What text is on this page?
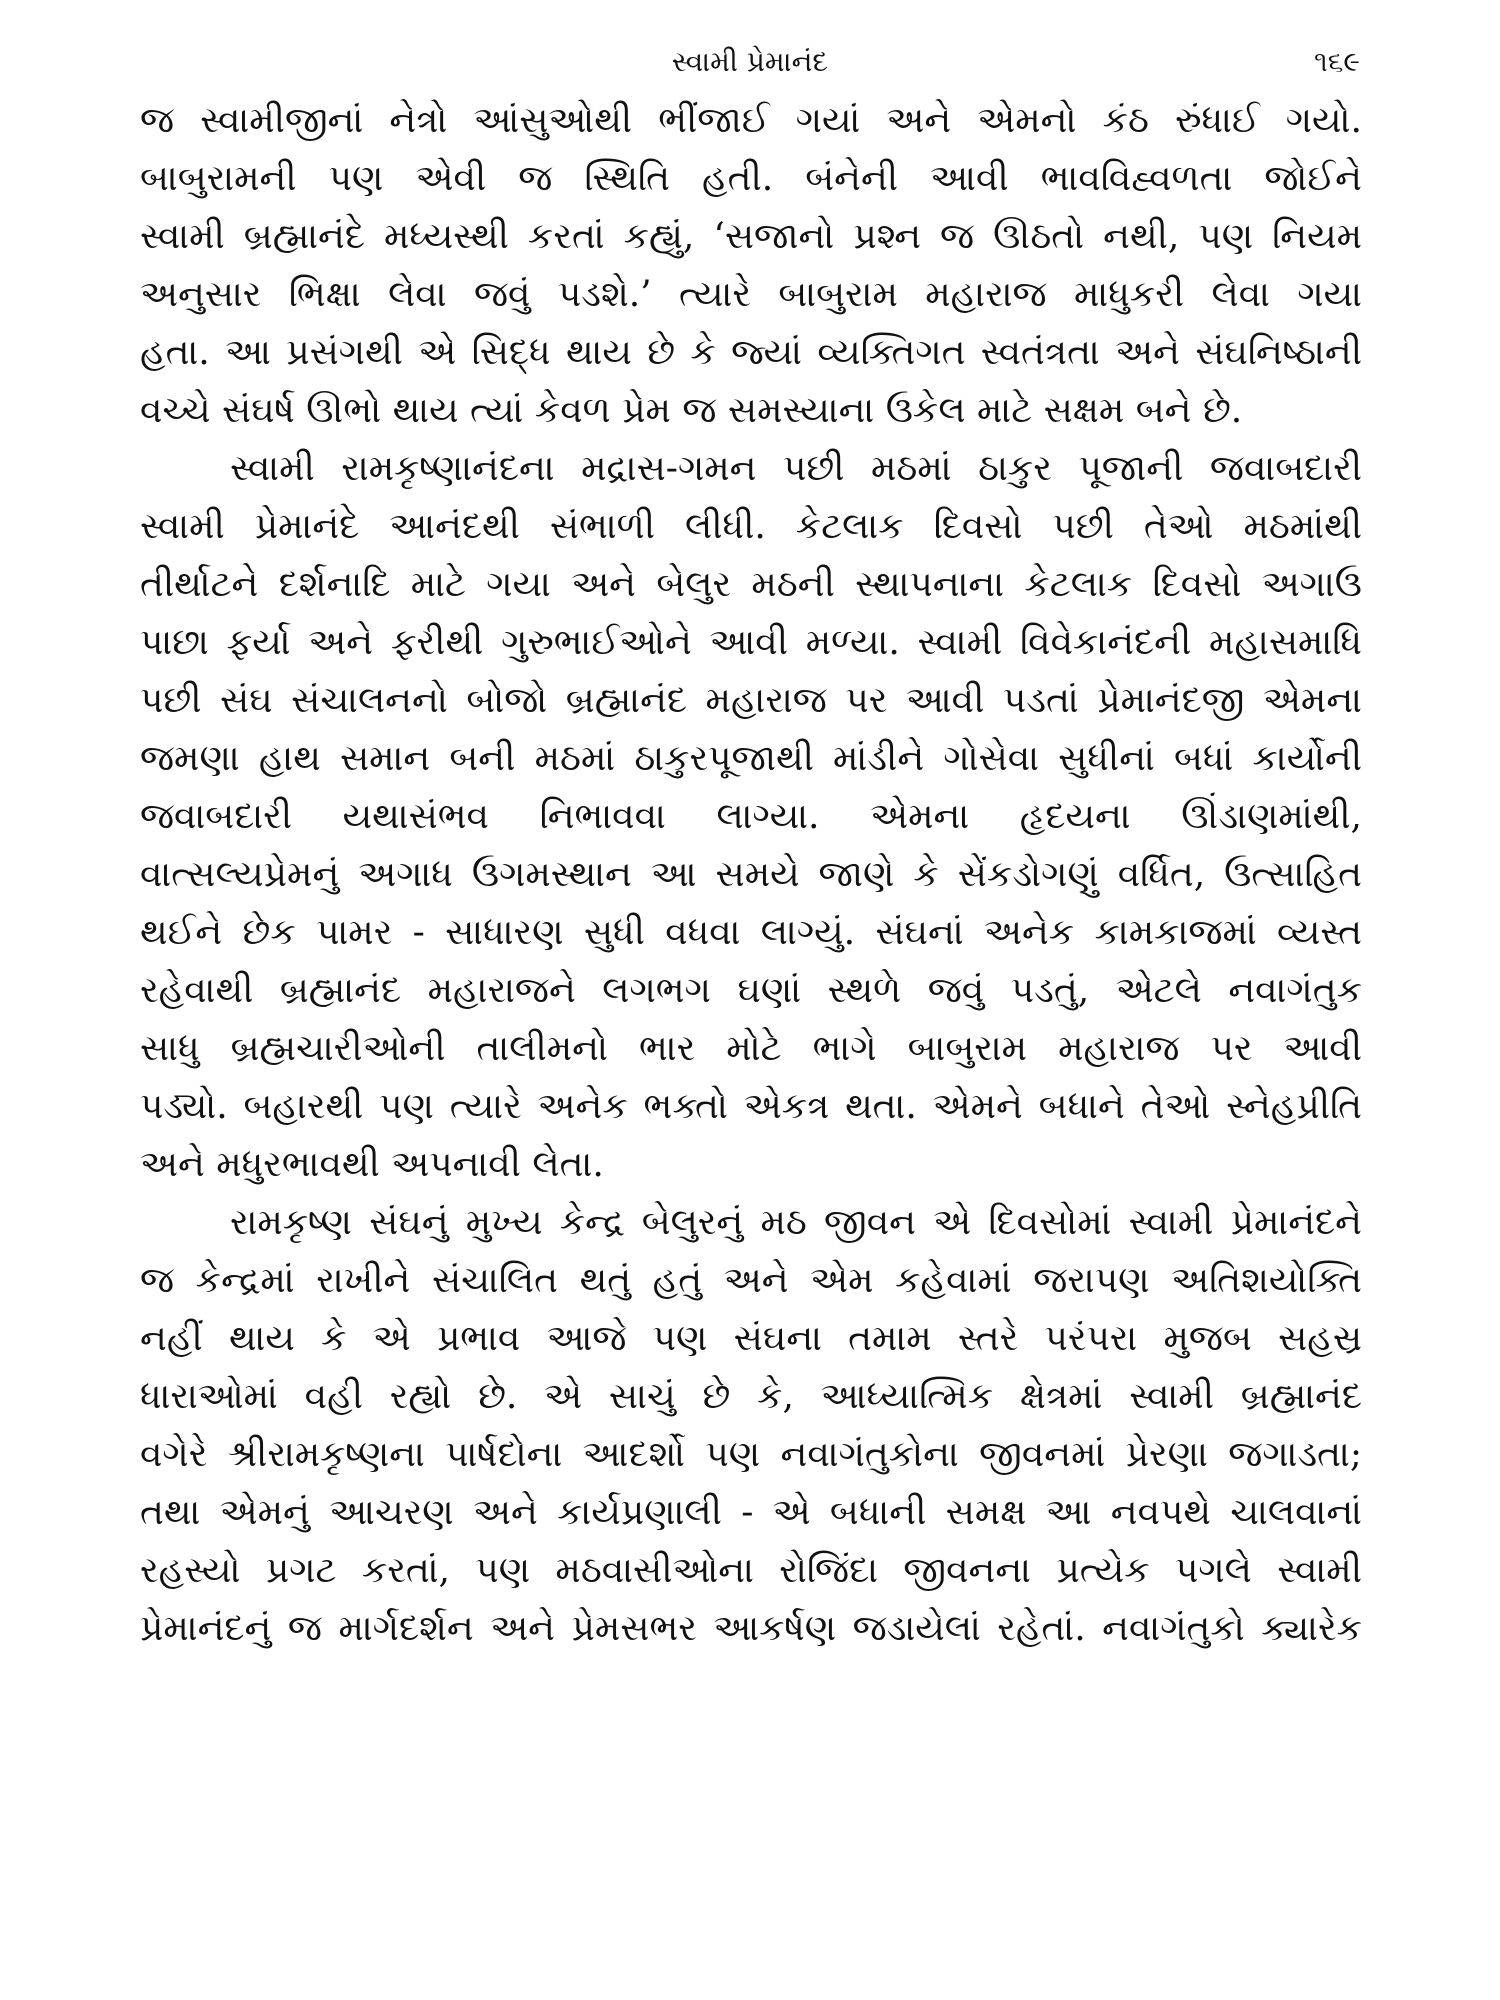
સ્વામી પ્રેમાનંદ	૧૬૯
જ સ્વામીજીનાં નેત્રો આંસુઓથી ભીંજાઈ ગયાં અને એમનો કંઠ રુંધાઈ ગયો.
બાબુરામની પણ એવી જ સ્થિતિ હતી. બંનેની આવી ભાવવિહ્વળતા જોઈને
સ્વામી બ્રહ્માનંદે મધ્યસ્થી કરતાં કહ્યું, ‘સજાનો પ્રશ્ન જ ઊઠતો નથી, પણ નિયમ
અનુસાર ભિક્ષા લેવા જવું પડશે.’ ત્યારે બાબુરામ મહારાજ માધુકરી લેવા ગયા
હતા. આ પ્રસંગથી એ સિદ્ધ થાય છે કે જ્યાં વ્યક્તિગત સ્વતંત્રતા અને સંઘનિષ્ઠાની
વચ્ચે સંઘર્ષ ઊભો થાય ત્યાં કેવળ પ્રેમ જ સમસ્યાના ઉકેલ માટે સક્ષમ બને છે.
સ્વામી રામકૃષ્ણાનંદના મદ્રાસ-ગમન પછી મઠમાં ઠાકુર પૂજાની જવાબદારી
સ્વામી પ્રેમાનંદે આનંદથી સંભાળી લીધી. કેટલાક દિવસો પછી તેઓ મઠમાંથી
તીર્થાટને દર્શનાદિ માટે ગયા અને બેલુર મઠની સ્થાપનાના કેટલાક દિવસો અગાઉ
પાછા ફર્યા અને ફરીથી ગુરુભાઈઓને આવી મળ્યા. સ્વામી વિવેકાનંદની મહાસમાધિ
પછી સંઘ સંચાલનનો બોજો બ્રહ્માનંદ મહારાજ પર આવી પડતાં પ્રેમાનંદજી એમના
જમણા હાથ સમાન બની મઠમાં ઠાકુરપૂજાથી માંડીને ગોસેવા સુધીનાં બધાં કાર્યોની
જવાબદારી યથાસંભવ નિભાવવા લાગ્યા. એમના હૃદયના ઊંડાણમાંથી,
વાત્સલ્યપ્રેમનું અગાધ ઉગમસ્થાન આ સમયે જાણે કે સેંકડોગણું વર્ધિત, ઉત્સાહિત
થઈને છેક પામર - સાધારણ સુધી વધવા લાગ્યું. સંઘનાં અનેક કામકાજમાં વ્યસ્ત
રહેવાથી બ્રહ્માનંદ મહારાજને લગભગ ઘણાં સ્થળે જવું પડતું, એટલે નવાગંતુક
સાધુ બ્રહ્મચારીઓની તાલીમનો ભાર મોટે ભાગે બાબુરામ મહારાજ પર આવી
પડ્યો. બહારથી પણ ત્યારે અનેક ભક્તો એકત્ર થતા. એમને બધાને તેઓ સ્નેહપ્રીતિ
અને મધુરભાવથી અપનાવી લેતા.
રામકૃષ્ણ સંઘનું મુખ્ય કેન્દ્ર બેલુરનું મઠ જીવન એ દિવસોમાં સ્વામી પ્રેમાનંદને
જ કેન્દ્રમાં રાખીને સંચાલિત થતું હતું અને એમ કહેવામાં જરાપણ અતિશયોક્તિ
નહીં થાય કે એ પ્રભાવ આજે પણ સંઘના તમામ સ્તરે પરંપરા મુજબ સહસ્ર
ધારાઓમાં વહી રહ્યો છે. એ સાચું છે કે, આધ્યાત્મિક ક્ષેત્રમાં સ્વામી બ્રહ્માનંદ
વગેરે શ્રીરામકૃષ્ણના પાર્ષદોના આદર્શો પણ નવાગંતુકોના જીવનમાં પ્રેરણા જગાડતા;
તથા એમનું આચરણ અને કાર્યપ્રણાલી - એ બધાની સમક્ષ આ નવપથે ચાલવાનાં
રહસ્યો પ્રગટ કરતાં, પણ મઠવાસીઓના રોજિંદા જીવનના પ્રત્યેક પગલે સ્વામી
પ્રેમાનંદનું જ માર્ગદર્શન અને પ્રેમસભર આકર્ષણ જડાયેલાં રહેતાં. નવાગંતુકો ક્યારેક
